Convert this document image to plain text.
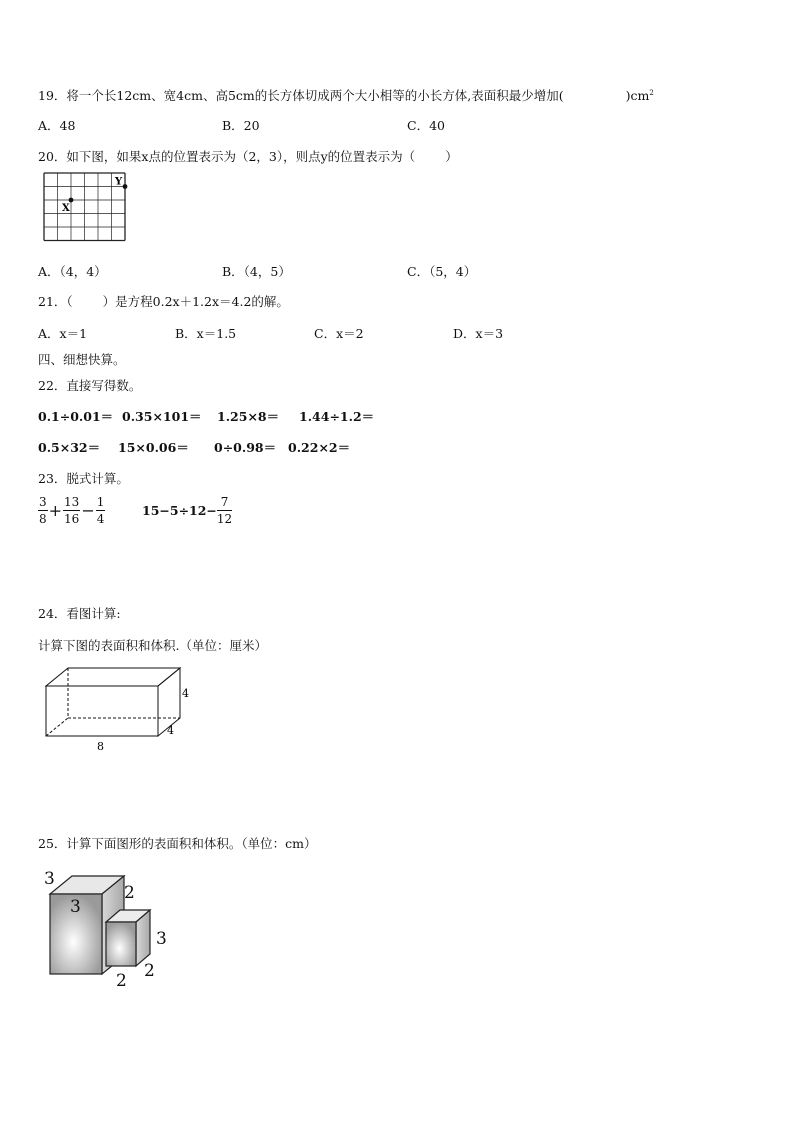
19．将一个长12cm、宽4cm、高5cm的长方体切成两个大小相等的小长方体,表面积最少增加(	)$cm^2$
A．48	B．20	C．40
20．如下图，如果x点的位置表示为（2，3），则点y的位置表示为（ ）
X
Y
A．（4，4）	B．（4，5）	C．（5，4）
21．（ ）是方程0.2x＋1.2x＝4.2的解。
A．x＝1	B．x＝1.5	C．x＝2	D．x＝3
四、细想快算。
22．直接写得数。
0.1÷0.01＝ 0.35×101＝ 1.25×8＝ 1.44÷1.2＝
0.5×32＝ 15×0.06＝ 0÷0.98＝ 0.22×2＝
23．脱式计算。
$\frac{3}{8} + \frac{13}{16} - \frac{1}{4}$	$15-5\div 12- \frac{7}{12}$
24．看图计算:
计算下图的表面积和体积.（单位：厘米）
4
4
8
25．计算下面图形的表面积和体积。（单位：cm）
3
3
2
3
2
2
